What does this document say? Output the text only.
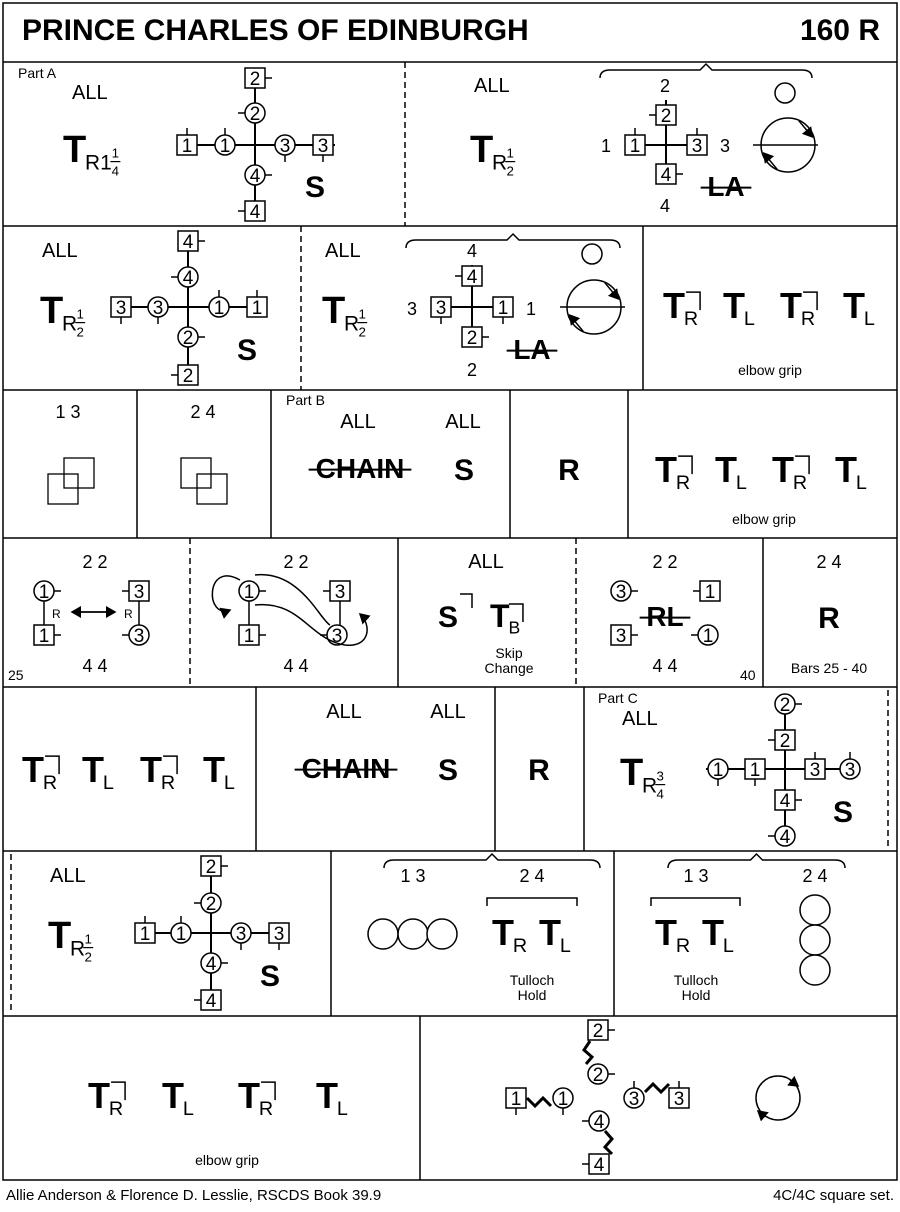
PRINCE CHARLES OF EDINBURGH	160 R
Part A
ALL
T
R1 1
4
2
2
1 1	3 3
4
4
S
ALL
T
R 1
2
2
2
1	3
4
1	3
4
LA
ALL
T
R 1
2
4
4
3 3	1 1
2
2
S
ALL
T
R 1
2
4
4
3	1
2
3	1
2
LA
T
R T
L T
R T
L
elbow grip
1 3	2 4
Part B
ALL	ALL
CHAIN S	R T
R T
L T
R T
L
elbow grip
2 2
1	3
1	3
R	R
4 4
25
2 2
1	3
1	3
4 4
ALL
S T B
Skip
Change
2 2
3	1
3	1
RL
4 4	40
2 4
R
Bars 25 - 40
T
R T
L T
R T
L
ALL	ALL
CHAIN S R
Part C
ALL
T
R 3
4
2
2
1 1	3 3
4
4
S
ALL
T
R 1
2
2
2
1 1	3 3
4
4
S
1 3	2 4
T
R T
L
Tulloch
Hold
1 3	2 4
T
R T
L
Tulloch
Hold
T
R T
L T
R T
L
elbow grip
1 1
2
2
3 3
4
4
Allie Anderson & Florence D. Lesslie, RSCDS Book 39.9	4C/4C square set.
